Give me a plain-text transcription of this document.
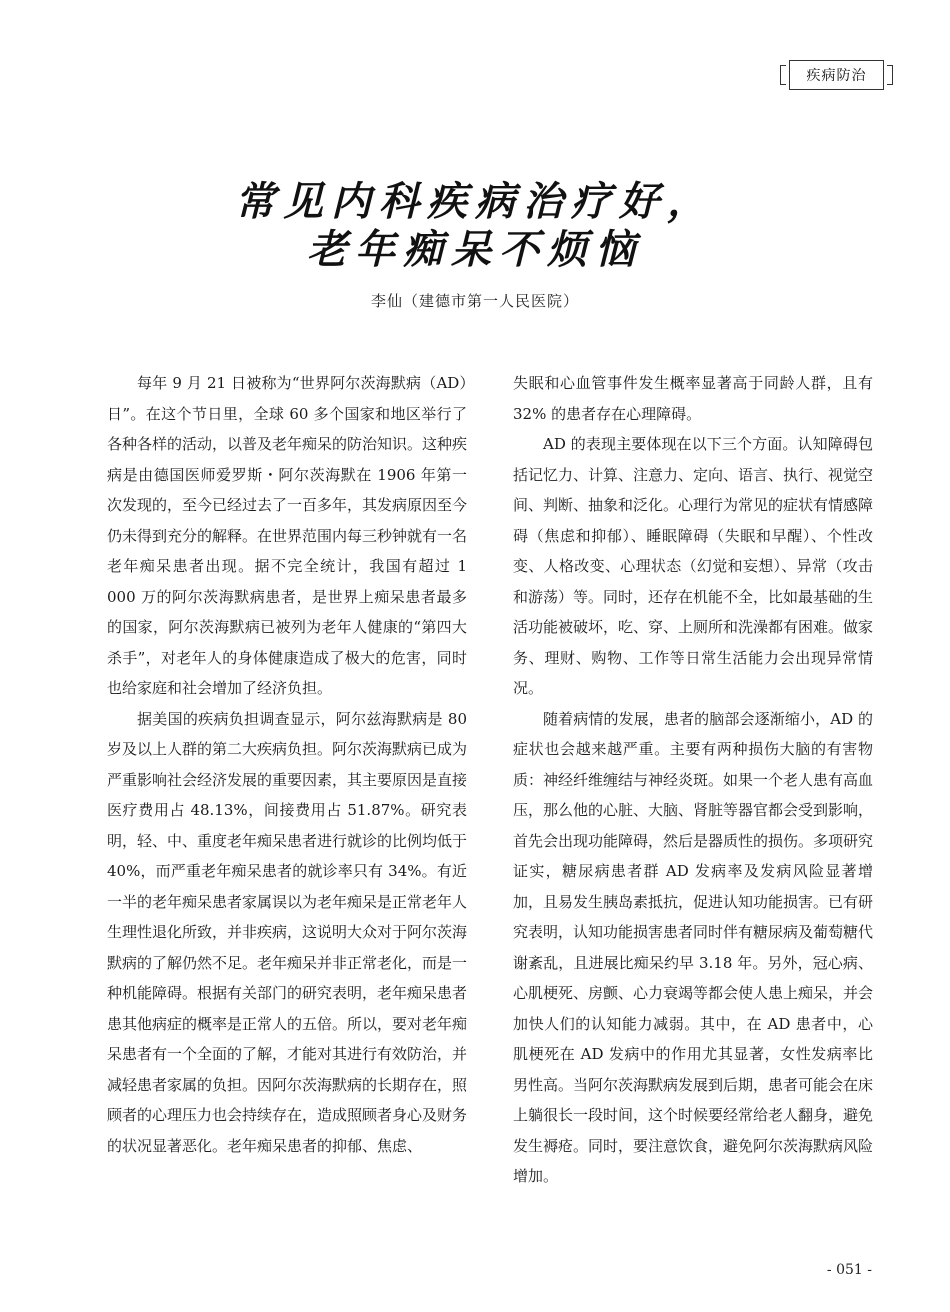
疾病防治
常见内科疾病治疗好，
老年痴呆不烦恼
李仙（建德市第一人民医院）

每年 9 月 21 日被称为“世界阿尔茨海默病（AD）日”。在这个节日里，全球 60 多个国家和地区举行了各种各样的活动，以普及老年痴呆的防治知识。这种疾病是由德国医师爱罗斯・阿尔茨海默在 1906 年第一次发现的，至今已经过去了一百多年，其发病原因至今仍未得到充分的解释。在世界范围内每三秒钟就有一名老年痴呆患者出现。据不完全统计，我国有超过 1 000 万的阿尔茨海默病患者，是世界上痴呆患者最多的国家，阿尔茨海默病已被列为老年人健康的“第四大杀手”，对老年人的身体健康造成了极大的危害，同时也给家庭和社会增加了经济负担。

据美国的疾病负担调查显示，阿尔兹海默病是 80 岁及以上人群的第二大疾病负担。阿尔茨海默病已成为严重影响社会经济发展的重要因素，其主要原因是直接医疗费用占 48.13%，间接费用占 51.87%。研究表明，轻、中、重度老年痴呆患者进行就诊的比例均低于 40%，而严重老年痴呆患者的就诊率只有 34%。有近一半的老年痴呆患者家属误以为老年痴呆是正常老年人生理性退化所致，并非疾病，这说明大众对于阿尔茨海默病的了解仍然不足。老年痴呆并非正常老化，而是一种机能障碍。根据有关部门的研究表明，老年痴呆患者患其他病症的概率是正常人的五倍。所以，要对老年痴呆患者有一个全面的了解，才能对其进行有效防治，并减轻患者家属的负担。因阿尔茨海默病的长期存在，照顾者的心理压力也会持续存在，造成照顾者身心及财务的状况显著恶化。老年痴呆患者的抑郁、焦虑、

失眠和心血管事件发生概率显著高于同龄人群，且有 32% 的患者存在心理障碍。

AD 的表现主要体现在以下三个方面。认知障碍包括记忆力、计算、注意力、定向、语言、执行、视觉空间、判断、抽象和泛化。心理行为常见的症状有情感障碍（焦虑和抑郁）、睡眠障碍（失眠和早醒）、个性改变、人格改变、心理状态（幻觉和妄想）、异常（攻击和游荡）等。同时，还存在机能不全，比如最基础的生活功能被破坏，吃、穿、上厕所和洗澡都有困难。做家务、理财、购物、工作等日常生活能力会出现异常情况。

随着病情的发展，患者的脑部会逐渐缩小，AD 的症状也会越来越严重。主要有两种损伤大脑的有害物质：神经纤维缠结与神经炎斑。如果一个老人患有高血压，那么他的心脏、大脑、肾脏等器官都会受到影响，首先会出现功能障碍，然后是器质性的损伤。多项研究证实，糖尿病患者群 AD 发病率及发病风险显著增加，且易发生胰岛素抵抗，促进认知功能损害。已有研究表明，认知功能损害患者同时伴有糖尿病及葡萄糖代谢紊乱，且进展比痴呆约早 3.18 年。另外，冠心病、心肌梗死、房颤、心力衰竭等都会使人患上痴呆，并会加快人们的认知能力减弱。其中，在 AD 患者中，心肌梗死在 AD 发病中的作用尤其显著，女性发病率比男性高。当阿尔茨海默病发展到后期，患者可能会在床上躺很长一段时间，这个时候要经常给老人翻身，避免发生褥疮。同时，要注意饮食，避免阿尔茨海默病风险增加。

- 051 -
